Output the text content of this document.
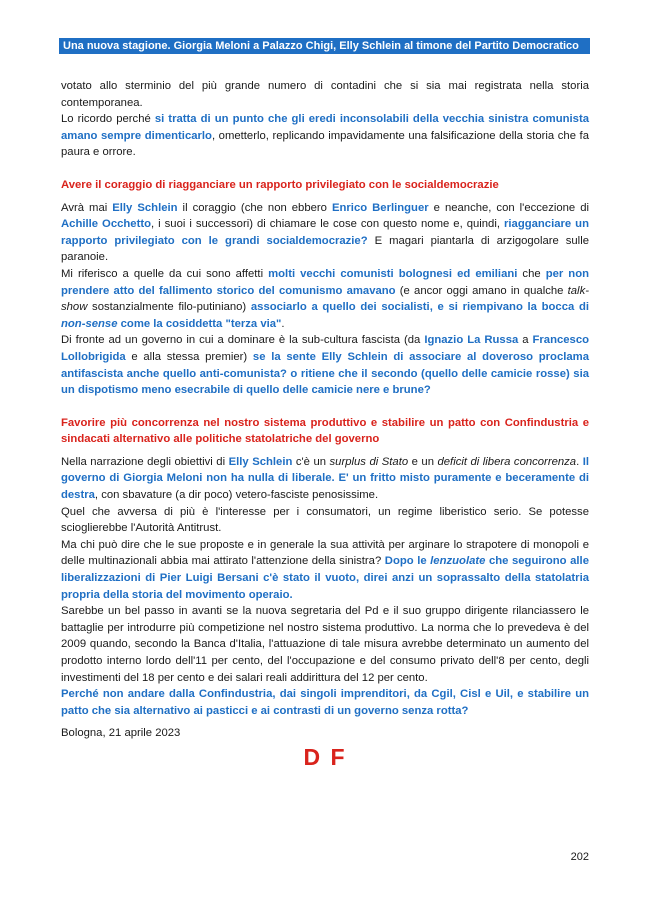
Una nuova stagione. Giorgia Meloni a Palazzo Chigi, Elly Schlein al timone del Partito Democratico

votato allo sterminio del più grande numero di contadini che si sia mai registrata nella storia contemporanea.

Lo ricordo perché si tratta di un punto che gli eredi inconsolabili della vecchia sinistra comunista amano sempre dimenticarlo, ometterlo, replicando impavidamente una falsificazione della storia che fa paura e orrore.

Avere il coraggio di riagganciare un rapporto privilegiato con le socialdemocrazie

Avrà mai Elly Schlein il coraggio (che non ebbero Enrico Berlinguer e neanche, con l'eccezione di Achille Occhetto, i suoi i successori) di chiamare le cose con questo nome e, quindi, riagganciare un rapporto privilegiato con le grandi socialdemocrazie? E magari piantarla di arzigogolare sulle paranoie.

Mi riferisco a quelle da cui sono affetti molti vecchi comunisti bolognesi ed emiliani che per non prendere atto del fallimento storico del comunismo amavano (e ancor oggi amano in qualche talk-show sostanzialmente filo-putiniano) associarlo a quello dei socialisti, e si riempivano la bocca di non-sense come la cosiddetta "terza via".

Di fronte ad un governo in cui a dominare è la sub-cultura fascista (da Ignazio La Russa a Francesco Lollobrigida e alla stessa premier) se la sente Elly Schlein di associare al doveroso proclama antifascista anche quello anti-comunista? o ritiene che il secondo (quello delle camicie rosse) sia un dispotismo meno esecrabile di quello delle camicie nere e brune?

Favorire più concorrenza nel nostro sistema produttivo e stabilire un patto con Confindustria e sindacati alternativo alle politiche statolatriche del governo

Nella narrazione degli obiettivi di Elly Schlein c'è un surplus di Stato e un deficit di libera concorrenza. Il governo di Giorgia Meloni non ha nulla di liberale. E' un fritto misto puramente e beceramente di destra, con sbavature (a dir poco) vetero-fasciste penosissime.

Quel che avversa di più è l'interesse per i consumatori, un regime liberistico serio. Se potesse scioglierebbe l'Autorità Antitrust.

Ma chi può dire che le sue proposte e in generale la sua attività per arginare lo strapotere di monopoli e delle multinazionali abbia mai attirato l'attenzione della sinistra? Dopo le lenzuolate che seguirono alle liberalizzazioni di Pier Luigi Bersani c'è stato il vuoto, direi anzi un soprassalto della statolatria propria della storia del movimento operaio.

Sarebbe un bel passo in avanti se la nuova segretaria del Pd e il suo gruppo dirigente rilanciassero le battaglie per introdurre più competizione nel nostro sistema produttivo. La norma che lo prevedeva è del 2009 quando, secondo la Banca d'Italia, l'attuazione di tale misura avrebbe determinato un aumento del prodotto interno lordo dell'11 per cento, del l'occupazione e del consumo privato dell'8 per cento, degli investimenti del 18 per cento e dei salari reali addirittura del 12 per cento.

Perché non andare dalla Confindustria, dai singoli imprenditori, da Cgil, Cisl e Uil, e stabilire un patto che sia alternativo ai pasticci e ai contrasti di un governo senza rotta?

Bologna, 21 aprile 2023

D F
202
